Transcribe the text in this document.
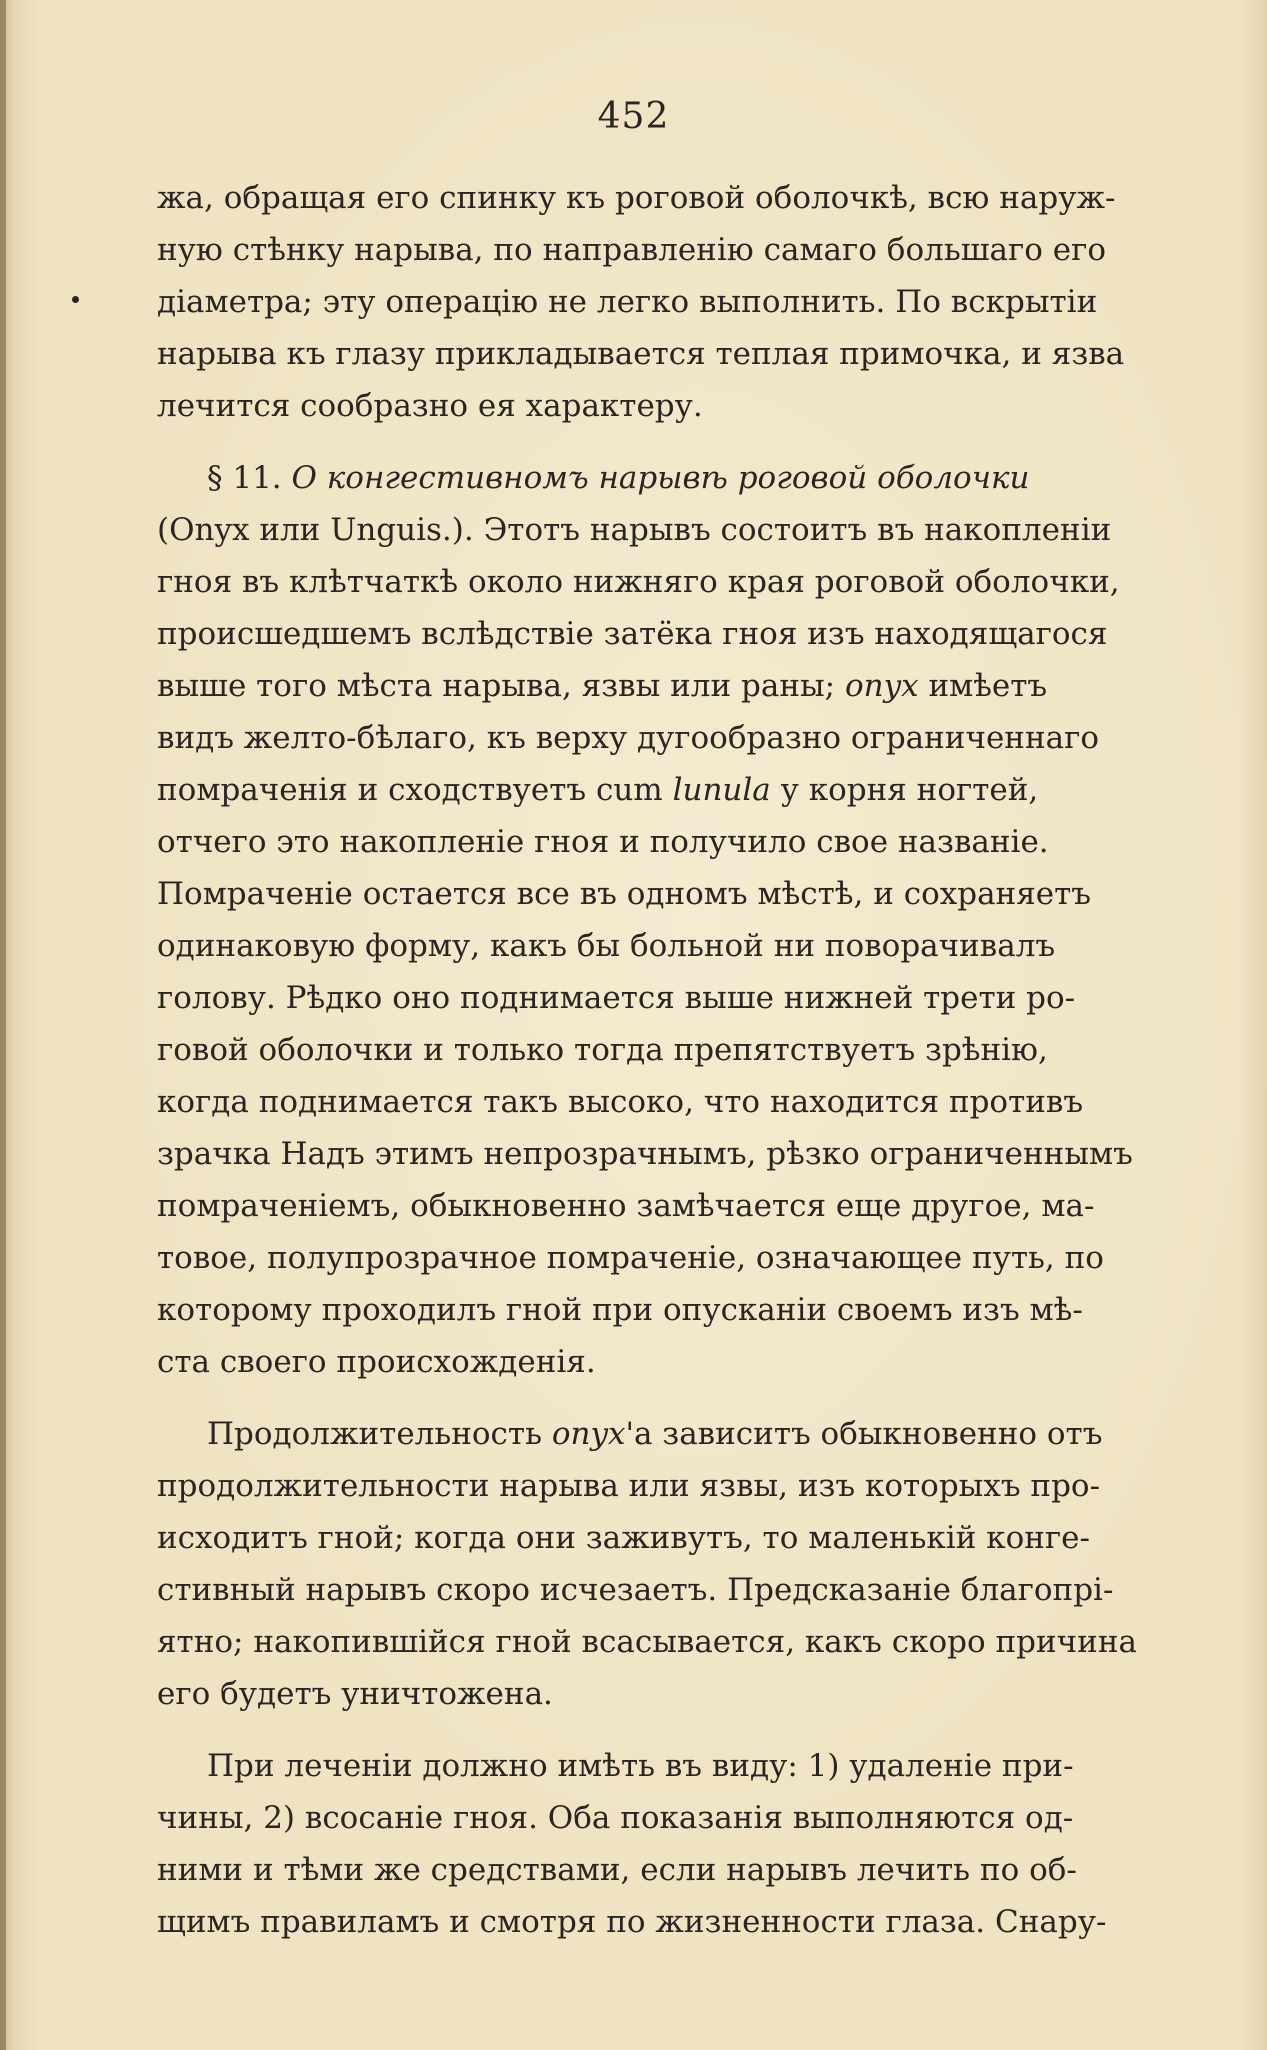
452

жа, обращая его спинку къ роговой оболочкѣ, всю наруж-
ную стѣнку нарыва, по направленію самаго большаго его
діаметра; эту операцію не легко выполнить. По вскрытіи
нарыва къ глазу прикладывается теплая примочка, и язва
лечится сообразно ея характеру.

§ 11. О конгестивномъ нарывѣ роговой оболочки
(Onyx или Unguis.). Этотъ нарывъ состоитъ въ накопленіи
гноя въ клѣтчаткѣ около нижняго края роговой оболочки,
происшедшемъ вслѣдствіе затёка гноя изъ находящагося
выше того мѣста нарыва, язвы или раны; onyx имѣетъ
видъ желто-бѣлаго, къ верху дугообразно ограниченнаго
помраченія и сходствуетъ cum lunula у корня ногтей,
отчего это накопленіе гноя и получило свое названіе.
Помраченіе остается все въ одномъ мѣстѣ, и сохраняетъ
одинаковую форму, какъ бы больной ни поворачивалъ
голову. Рѣдко оно поднимается выше нижней трети ро-
говой оболочки и только тогда препятствуетъ зрѣнію,
когда поднимается такъ высоко, что находится противъ
зрачка Надъ этимъ непрозрачнымъ, рѣзко ограниченнымъ
помраченіемъ, обыкновенно замѣчается еще другое, ма-
товое, полупрозрачное помраченіе, означающее путь, по
которому проходилъ гной при опусканіи своемъ изъ мѣ-
ста своего происхожденія.

Продолжительность onyx'а зависитъ обыкновенно отъ
продолжительности нарыва или язвы, изъ которыхъ про-
исходитъ гной; когда они заживутъ, то маленькій конге-
стивный нарывъ скоро исчезаетъ. Предсказаніе благопрі-
ятно; накопившійся гной всасывается, какъ скоро причина
его будетъ уничтожена.

При леченіи должно имѣть въ виду: 1) удаленіе при-
чины, 2) всосаніе гноя. Оба показанія выполняются од-
ними и тѣми же средствами, если нарывъ лечить по об-
щимъ правиламъ и смотря по жизненности глаза. Снару-
